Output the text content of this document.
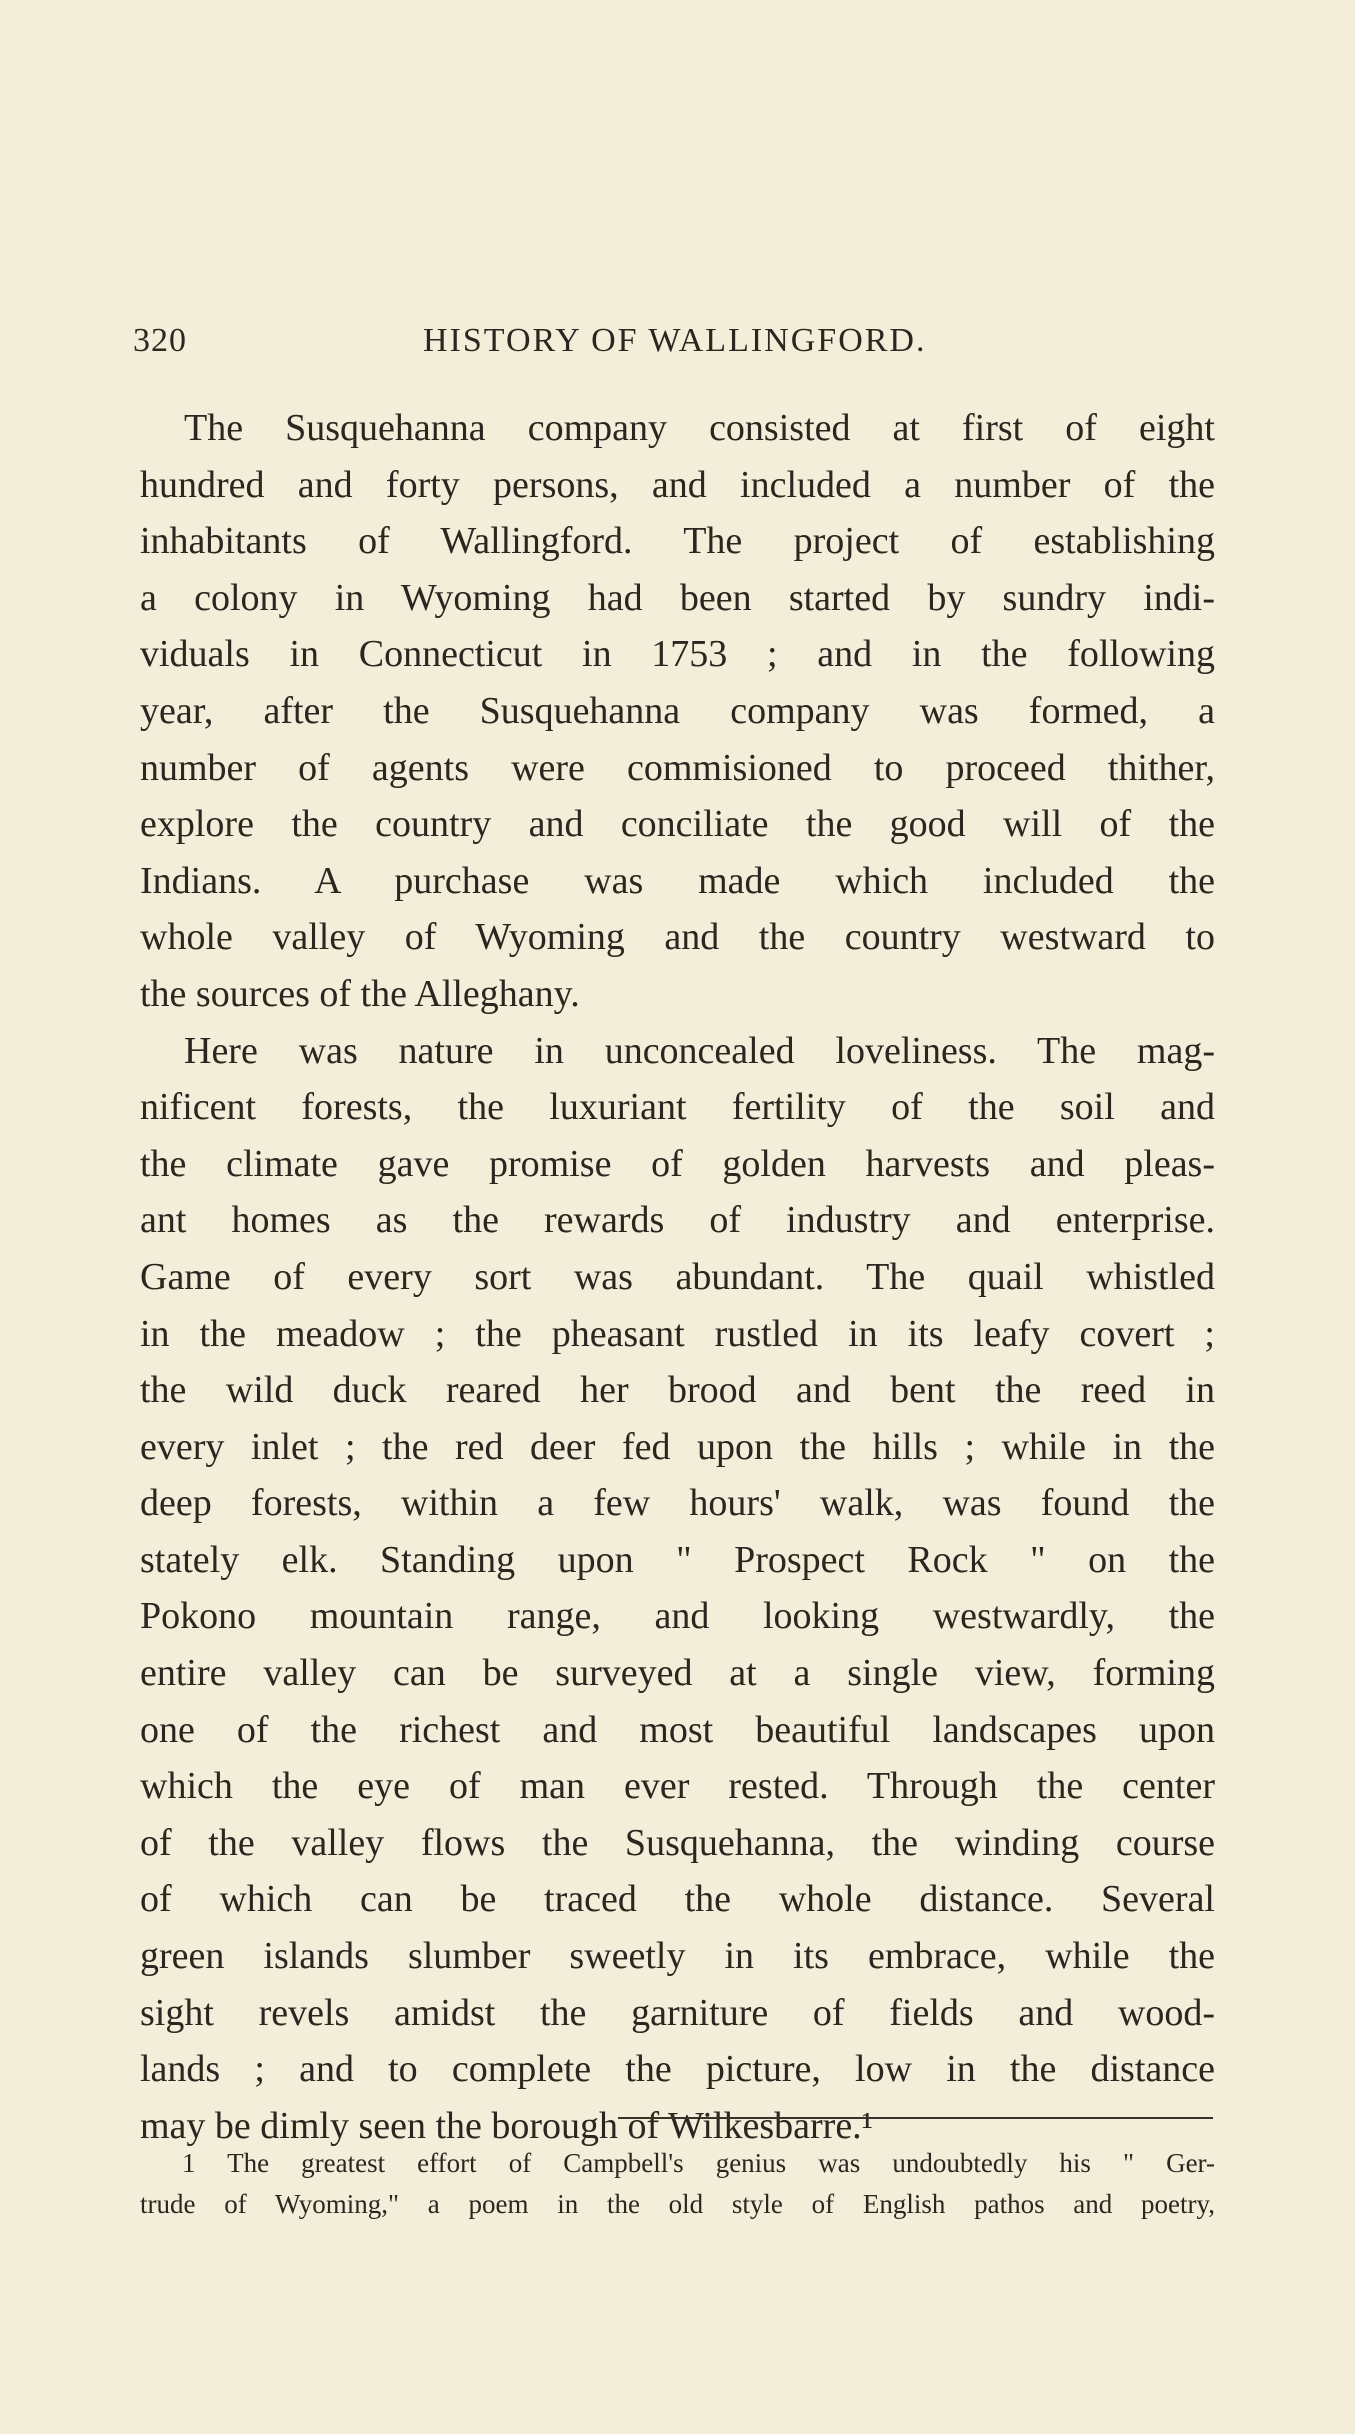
320	HISTORY OF WALLINGFORD.
The Susquehanna company consisted at first of eight
hundred and forty persons, and included a number of the
inhabitants of Wallingford. The project of establishing
a colony in Wyoming had been started by sundry indi-
viduals in Connecticut in 1753 ; and in the following
year, after the Susquehanna company was formed, a
number of agents were commisioned to proceed thither,
explore the country and conciliate the good will of the
Indians. A purchase was made which included the
whole valley of Wyoming and the country westward to
the sources of the Alleghany.
Here was nature in unconcealed loveliness. The mag-
nificent forests, the luxuriant fertility of the soil and
the climate gave promise of golden harvests and pleas-
ant homes as the rewards of industry and enterprise.
Game of every sort was abundant. The quail whistled
in the meadow ; the pheasant rustled in its leafy covert ;
the wild duck reared her brood and bent the reed in
every inlet ; the red deer fed upon the hills ; while in the
deep forests, within a few hours' walk, was found the
stately elk. Standing upon " Prospect Rock " on the
Pokono mountain range, and looking westwardly, the
entire valley can be surveyed at a single view, forming
one of the richest and most beautiful landscapes upon
which the eye of man ever rested. Through the center
of the valley flows the Susquehanna, the winding course
of which can be traced the whole distance. Several
green islands slumber sweetly in its embrace, while the
sight revels amidst the garniture of fields and wood-
lands ; and to complete the picture, low in the distance
may be dimly seen the borough of Wilkesbarre.¹
1 The greatest effort of Campbell's genius was undoubtedly his " Ger-
trude of Wyoming," a poem in the old style of English pathos and poetry,
